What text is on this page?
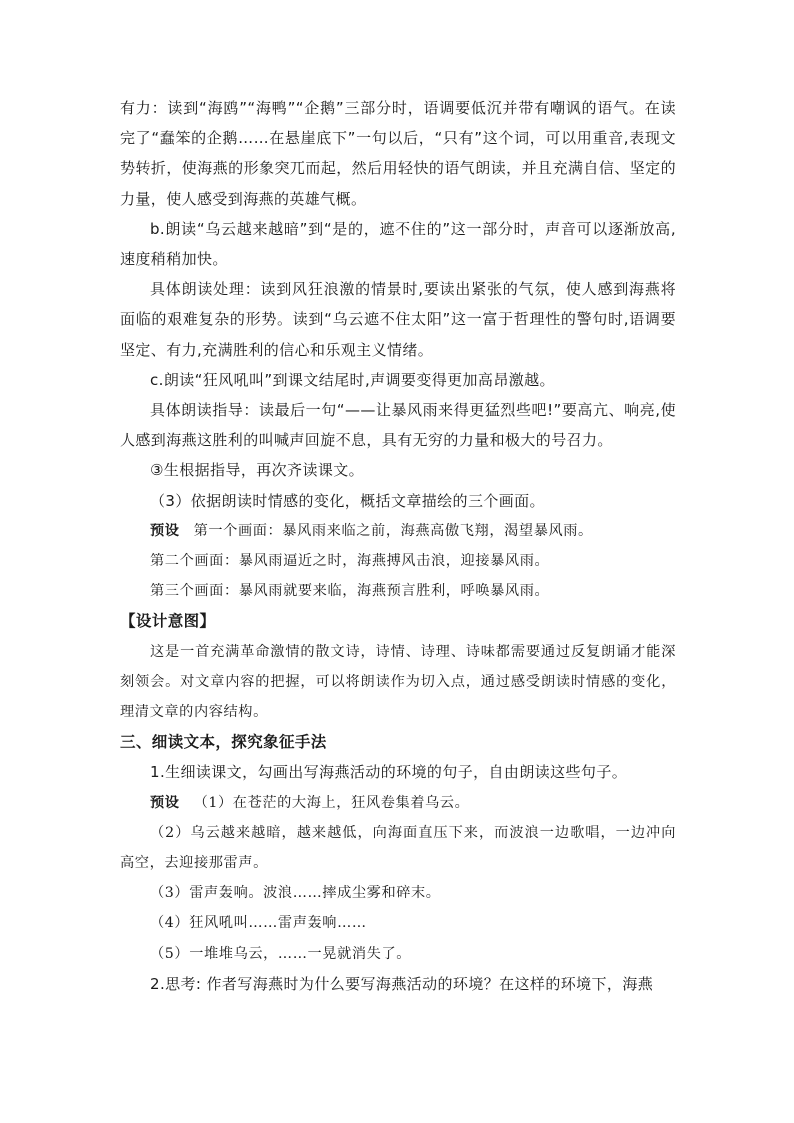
有力：读到“海鸥”“海鸭”“企鹅”三部分时，语调要低沉并带有嘲讽的语气。在读完了“蠢笨的企鹅……在悬崖底下”一句以后，“只有”这个词，可以用重音,表现文势转折，使海燕的形象突兀而起，然后用轻快的语气朗读，并且充满自信、坚定的力量，使人感受到海燕的英雄气概。

b.朗读“乌云越来越暗”到“是的，遮不住的”这一部分时，声音可以逐渐放高,速度稍稍加快。

具体朗读处理：读到风狂浪激的情景时,要读出紧张的气氛，使人感到海燕将面临的艰难复杂的形势。读到“乌云遮不住太阳”这一富于哲理性的警句时,语调要坚定、有力,充满胜利的信心和乐观主义情绪。

c.朗读“狂风吼叫”到课文结尾时,声调要变得更加高昂激越。

具体朗读指导：读最后一句“——让暴风雨来得更猛烈些吧!”要高亢、响亮,使人感到海燕这胜利的叫喊声回旋不息，具有无穷的力量和极大的号召力。

③生根据指导，再次齐读课文。

（3）依据朗读时情感的变化，概括文章描绘的三个画面。

预设 第一个画面：暴风雨来临之前，海燕高傲飞翔，渴望暴风雨。

第二个画面：暴风雨逼近之时，海燕搏风击浪，迎接暴风雨。

第三个画面：暴风雨就要来临，海燕预言胜利，呼唤暴风雨。

【设计意图】

这是一首充满革命激情的散文诗，诗情、诗理、诗味都需要通过反复朗诵才能深刻领会。对文章内容的把握，可以将朗读作为切入点，通过感受朗读时情感的变化，理清文章的内容结构。

三、细读文本，探究象征手法

1.生细读课文，勾画出写海燕活动的环境的句子，自由朗读这些句子。

预设 （1）在苍茫的大海上，狂风卷集着乌云。

（2）乌云越来越暗，越来越低，向海面直压下来，而波浪一边歌唱，一边冲向高空，去迎接那雷声。

（3）雷声轰响。波浪……摔成尘雾和碎末。

（4）狂风吼叫……雷声轰响……

（5）一堆堆乌云，……一晃就消失了。

2.思考: 作者写海燕时为什么要写海燕活动的环境？在这样的环境下，海燕
